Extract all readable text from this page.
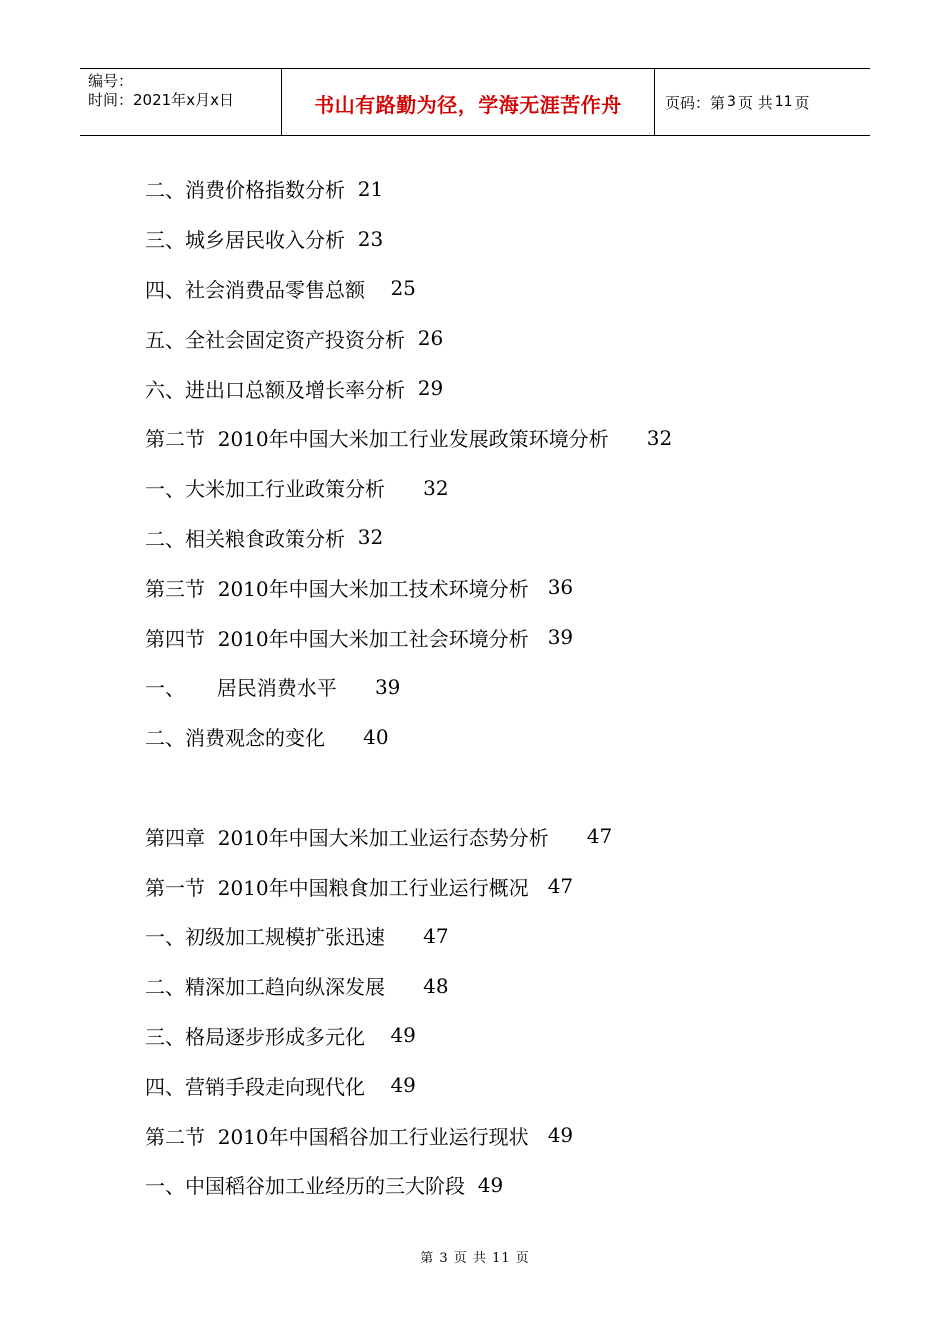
编号：
时间：2021年x月x日	书山有路勤为径，学海无涯苦作舟	页码：第 3 页 共 11 页
二、消费价格指数分析 21
三、城乡居民收入分析 23
四、社会消费品零售总额 25
五、全社会固定资产投资分析 26
六、进出口总额及增长率分析 29
第二节  2010年中国大米加工行业发展政策环境分析 32
一、大米加工行业政策分析 32
二、相关粮食政策分析 32
第三节  2010年中国大米加工技术环境分析 36
第四节  2010年中国大米加工社会环境分析 39
一、     居民消费水平 39
二、消费观念的变化 40
第四章  2010年中国大米加工业运行态势分析 47
第一节  2010年中国粮食加工行业运行概况 47
一、初级加工规模扩张迅速 47
二、精深加工趋向纵深发展 48
三、格局逐步形成多元化 49
四、营销手段走向现代化 49
第二节  2010年中国稻谷加工行业运行现状 49
一、中国稻谷加工业经历的三大阶段 49
第 3 页 共 11 页
